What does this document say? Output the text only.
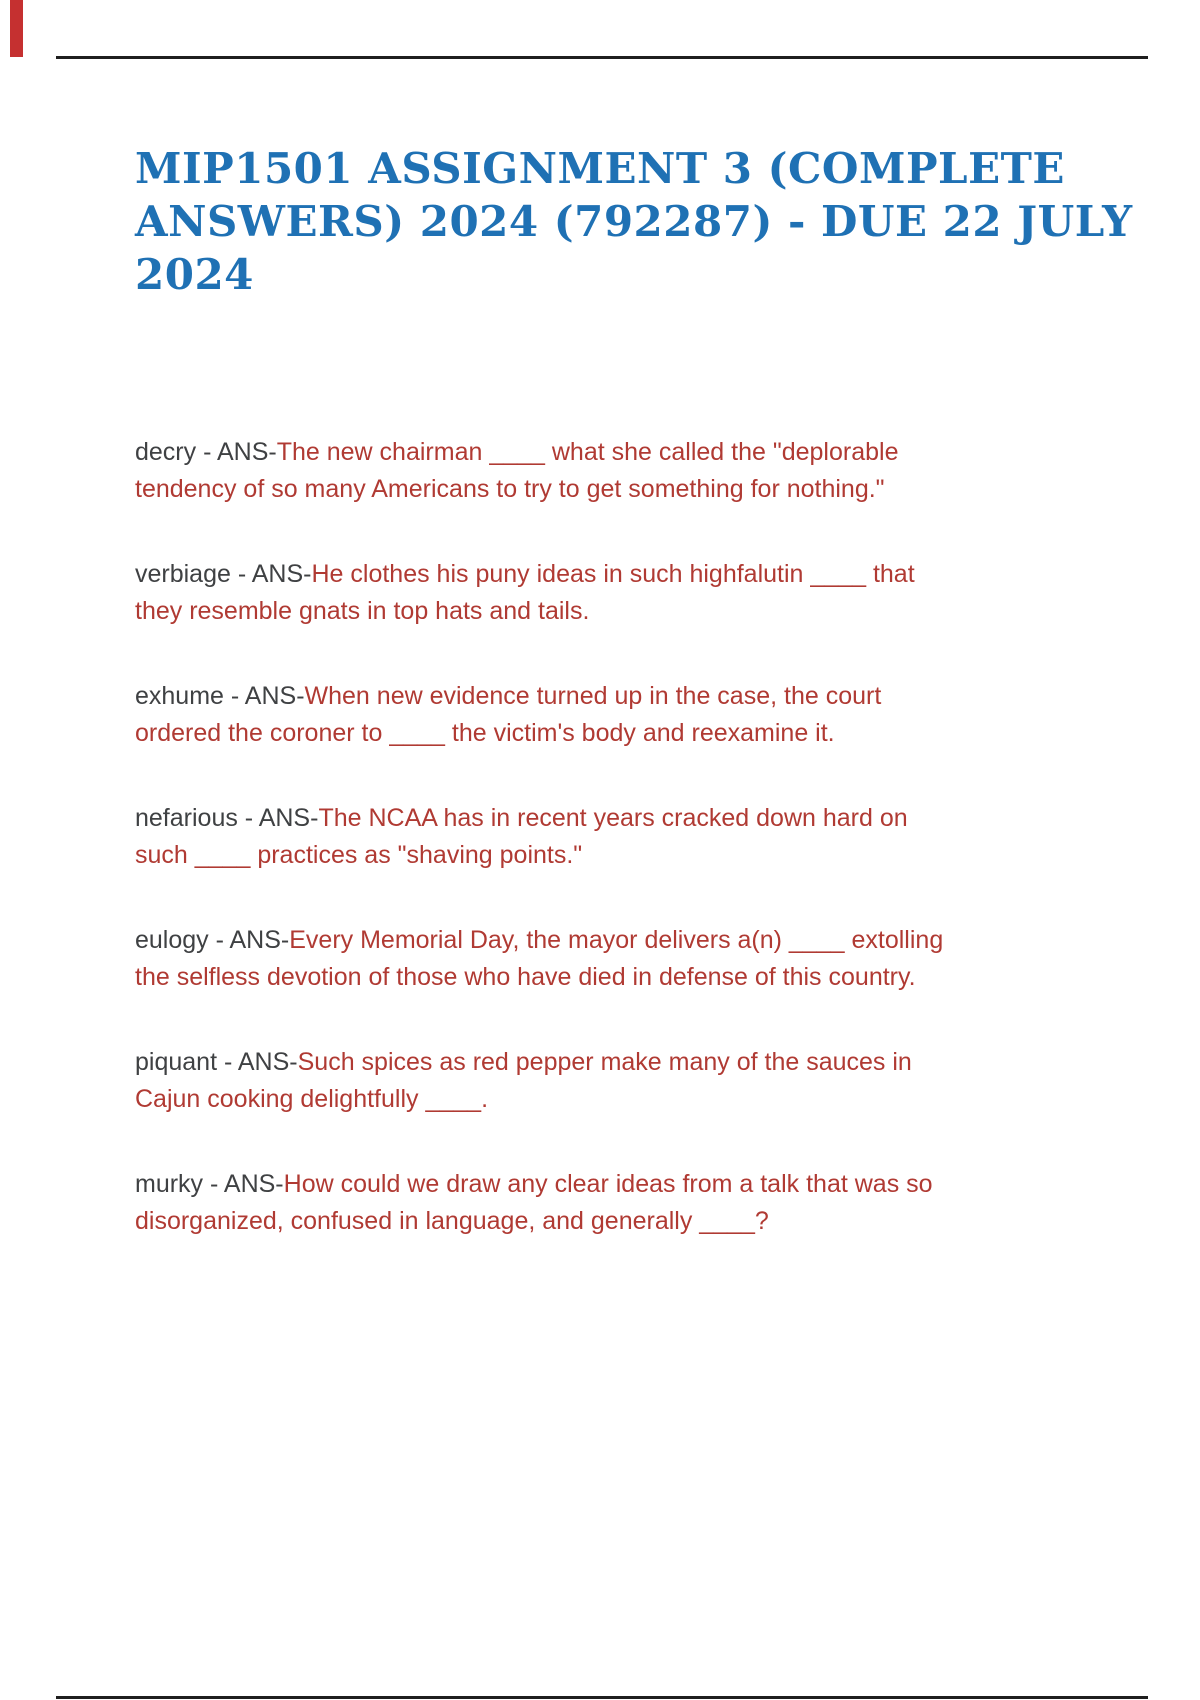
MIP1501 ASSIGNMENT 3 (COMPLETE
ANSWERS) 2024 (792287) - DUE 22 JULY
2024

decry - ANS-The new chairman ____ what she called the "deplorable
tendency of so many Americans to try to get something for nothing."

verbiage - ANS-He clothes his puny ideas in such highfalutin ____ that
they resemble gnats in top hats and tails.

exhume - ANS-When new evidence turned up in the case, the court
ordered the coroner to ____ the victim's body and reexamine it.

nefarious - ANS-The NCAA has in recent years cracked down hard on
such ____ practices as "shaving points."

eulogy - ANS-Every Memorial Day, the mayor delivers a(n) ____ extolling
the selfless devotion of those who have died in defense of this country.

piquant - ANS-Such spices as red pepper make many of the sauces in
Cajun cooking delightfully ____.

murky - ANS-How could we draw any clear ideas from a talk that was so
disorganized, confused in language, and generally ____?
